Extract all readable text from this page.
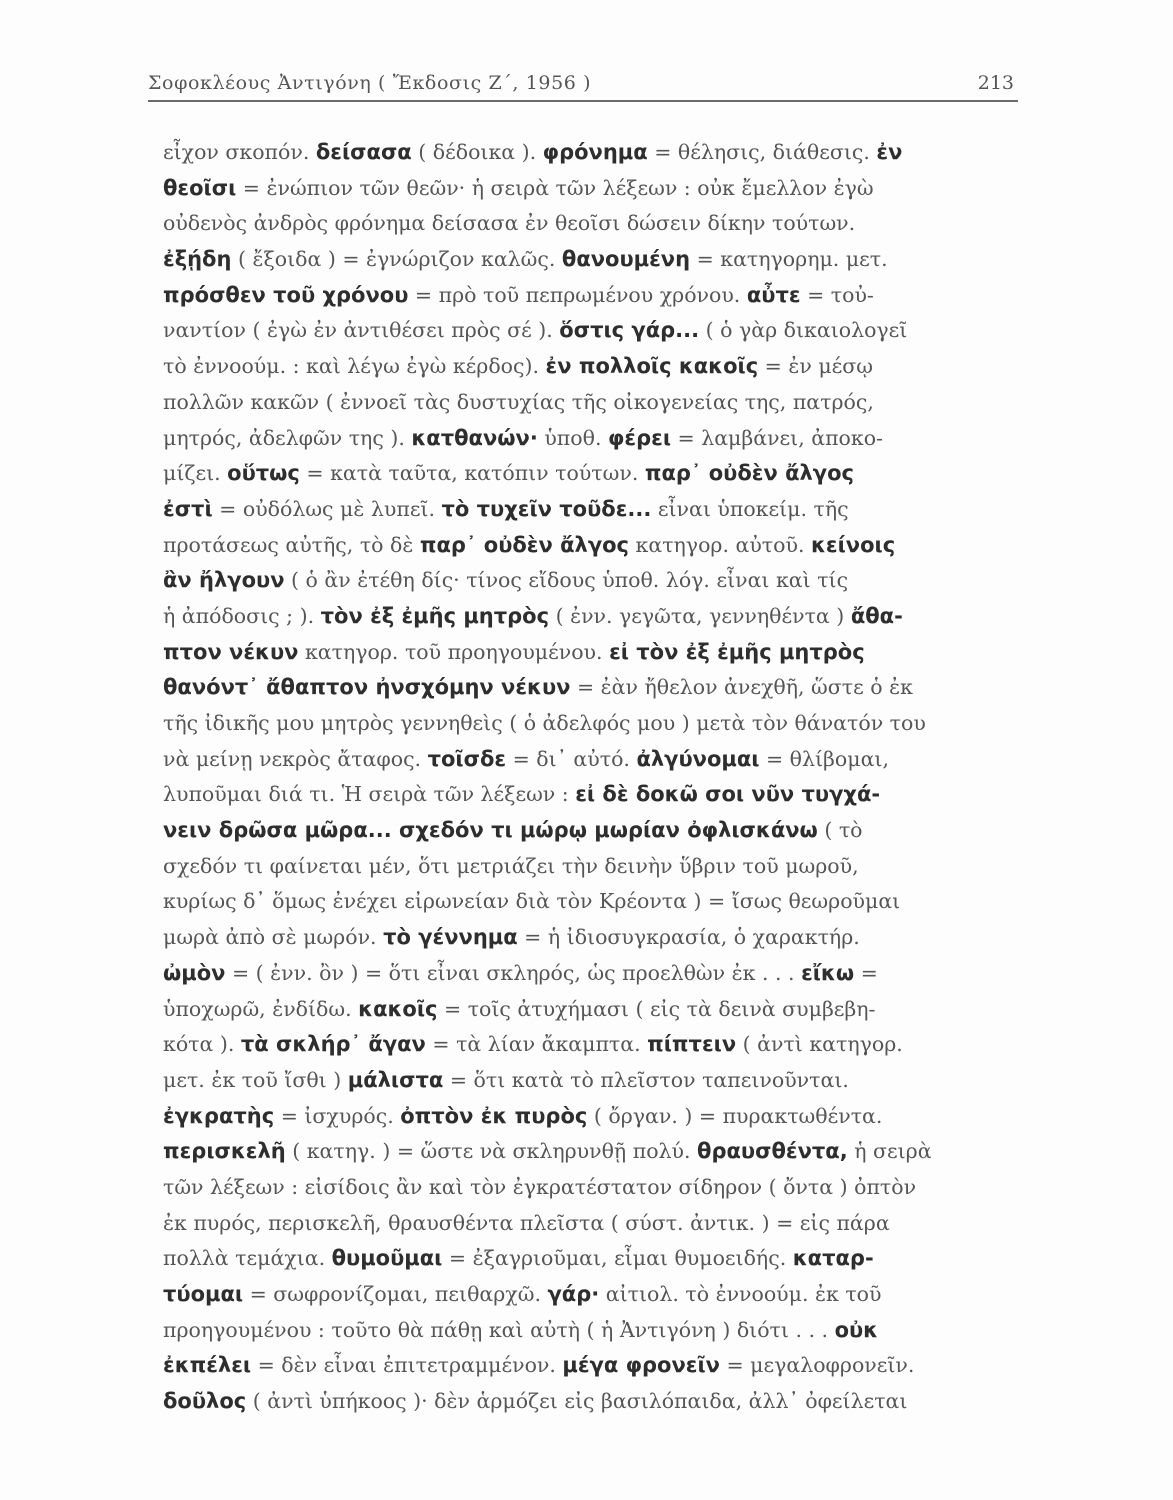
Σοφοκλέους Ἀντιγόνη ( Ἔκδοσις Ζ΄, 1956 )	213
εἶχον σκοπόν. δείσασα ( δέδοικα ). φρόνημα = θέλησις, διάθεσις. ἐν
θεοῖσι = ἐνώπιον τῶν θεῶν· ἡ σειρὰ τῶν λέξεων : οὐκ ἔμελλον ἐγὼ
οὐδενὸς ἀνδρὸς φρόνημα δείσασα ἐν θεοῖσι δώσειν δίκην τούτων.
ἐξῄδη ( ἔξοιδα ) = ἐγνώριζον καλῶς. θανουμένη = κατηγορημ. μετ.
πρόσθεν τοῦ χρόνου = πρὸ τοῦ πεπρωμένου χρόνου. αὖτε = τοὐ-
ναντίον ( ἐγὼ ἐν ἀντιθέσει πρὸς σέ ). ὅστις γάρ... ( ὁ γὰρ δικαιολογεῖ
τὸ ἐννοούμ. : καὶ λέγω ἐγὼ κέρδος). ἐν πολλοῖς κακοῖς = ἐν μέσῳ
πολλῶν κακῶν ( ἐννοεῖ τὰς δυστυχίας τῆς οἰκογενείας της, πατρός,
μητρός, ἀδελφῶν της ). κατθανών· ὑποθ. φέρει = λαμβάνει, ἀποκο-
μίζει. οὕτως = κατὰ ταῦτα, κατόπιν τούτων. παρ᾽ οὐδὲν ἄλγος
ἐστὶ = οὐδόλως μὲ λυπεῖ. τὸ τυχεῖν τοῦδε... εἶναι ὑποκείμ. τῆς
προτάσεως αὐτῆς, τὸ δὲ παρ᾽ οὐδὲν ἄλγος κατηγορ. αὐτοῦ. κείνοις
ἂν ἤλγουν ( ὁ ἂν ἐτέθη δίς· τίνος εἴδους ὑποθ. λόγ. εἶναι καὶ τίς
ἡ ἀπόδοσις ; ). τὸν ἐξ ἐμῆς μητρὸς ( ἐνν. γεγῶτα, γεννηθέντα ) ἄθα-
πτον νέκυν κατηγορ. τοῦ προηγουμένου. εἰ τὸν ἐξ ἐμῆς μητρὸς
θανόντ᾽ ἄθαπτον ἠνσχόμην νέκυν = ἐὰν ἤθελον ἀνεχθῆ, ὥστε ὁ ἐκ
τῆς ἰδικῆς μου μητρὸς γεννηθεὶς ( ὁ ἀδελφός μου ) μετὰ τὸν θάνατόν του
νὰ μείνῃ νεκρὸς ἄταφος. τοῖσδε = δι᾽ αὐτό. ἀλγύνομαι = θλίβομαι,
λυποῦμαι διά τι. Ἡ σειρὰ τῶν λέξεων : εἰ δὲ δοκῶ σοι νῦν τυγχά-
νειν δρῶσα μῶρα... σχεδόν τι μώρῳ μωρίαν ὀφλισκάνω ( τὸ
σχεδόν τι φαίνεται μέν, ὅτι μετριάζει τὴν δεινὴν ὕβριν τοῦ μωροῦ,
κυρίως δ᾽ ὅμως ἐνέχει εἰρωνείαν διὰ τὸν Κρέοντα ) = ἴσως θεωροῦμαι
μωρὰ ἀπὸ σὲ μωρόν. τὸ γέννημα = ἡ ἰδιοσυγκρασία, ὁ χαρακτήρ.
ὠμὸν = ( ἐνν. ὂν ) = ὅτι εἶναι σκληρός, ὡς προελθὼν ἐκ . . . εἴκω =
ὑποχωρῶ, ἐνδίδω. κακοῖς = τοῖς ἀτυχήμασι ( εἰς τὰ δεινὰ συμβεβη-
κότα ). τὰ σκλήρ᾽ ἄγαν = τὰ λίαν ἄκαμπτα. πίπτειν ( ἀντὶ κατηγορ.
μετ. ἐκ τοῦ ἴσθι ) μάλιστα = ὅτι κατὰ τὸ πλεῖστον ταπεινοῦνται.
ἐγκρατὴς = ἰσχυρός. ὀπτὸν ἐκ πυρὸς ( ὄργαν. ) = πυρακτωθέντα.
περισκελῆ ( κατηγ. ) = ὥστε νὰ σκληρυνθῇ πολύ. θραυσθέντα, ἡ σειρὰ
τῶν λέξεων : εἰσίδοις ἂν καὶ τὸν ἐγκρατέστατον σίδηρον ( ὄντα ) ὀπτὸν
ἐκ πυρός, περισκελῆ, θραυσθέντα πλεῖστα ( σύστ. ἀντικ. ) = εἰς πάρα
πολλὰ τεμάχια. θυμοῦμαι = ἐξαγριοῦμαι, εἶμαι θυμοειδής. καταρ-
τύομαι = σωφρονίζομαι, πειθαρχῶ. γάρ· αἰτιολ. τὸ ἐννοούμ. ἐκ τοῦ
προηγουμένου : τοῦτο θὰ πάθῃ καὶ αὐτὴ ( ἡ Ἀντιγόνη ) διότι . . . οὐκ
ἐκπέλει = δὲν εἶναι ἐπιτετραμμένον. μέγα φρονεῖν = μεγαλοφρονεῖν.
δοῦλος ( ἀντὶ ὑπήκοος )· δὲν ἁρμόζει εἰς βασιλόπαιδα, ἀλλ᾽ ὀφείλεται
